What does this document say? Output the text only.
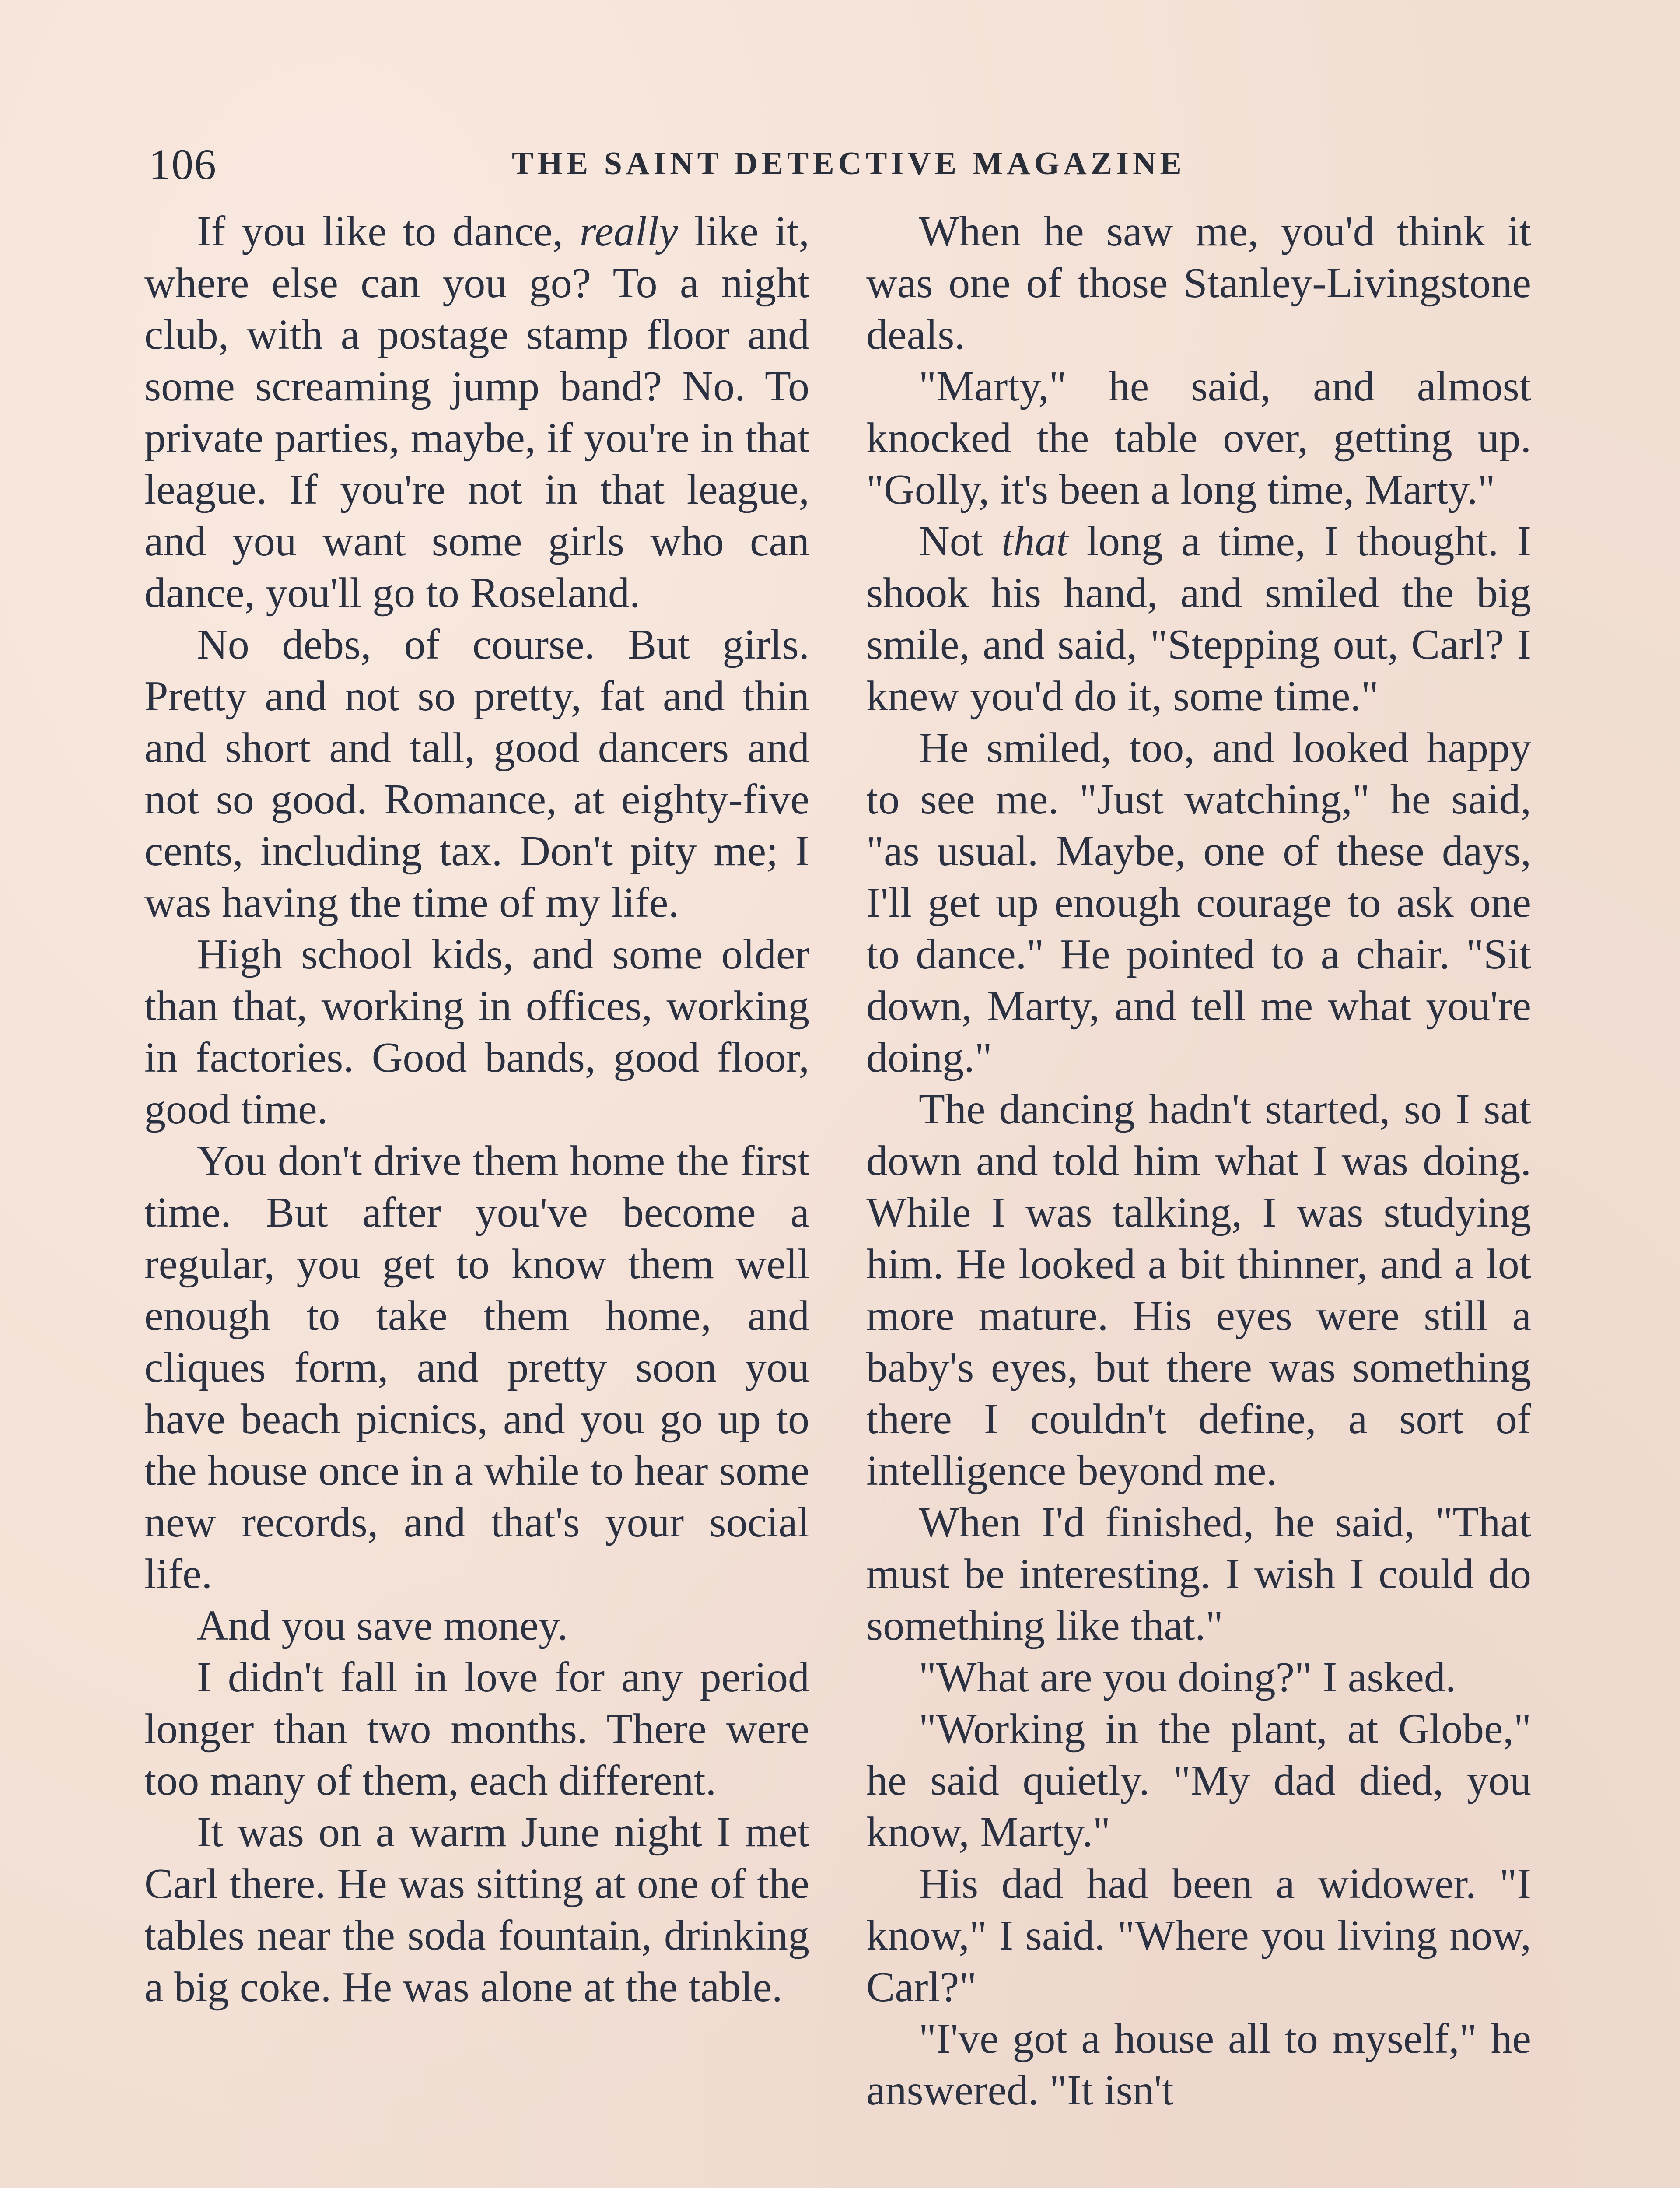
106	THE SAINT DETECTIVE MAGAZINE

If you like to dance, really like it, where else can you go? To a night club, with a postage stamp floor and some screaming jump band? No. To private parties, maybe, if you're in that league. If you're not in that league, and you want some girls who can dance, you'll go to Roseland.

No debs, of course. But girls. Pretty and not so pretty, fat and thin and short and tall, good dancers and not so good. Romance, at eighty-five cents, including tax. Don't pity me; I was having the time of my life.

High school kids, and some older than that, working in offices, working in factories. Good bands, good floor, good time.

You don't drive them home the first time. But after you've become a regular, you get to know them well enough to take them home, and cliques form, and pretty soon you have beach picnics, and you go up to the house once in a while to hear some new records, and that's your social life.

And you save money.

I didn't fall in love for any period longer than two months. There were too many of them, each different.

It was on a warm June night I met Carl there. He was sitting at one of the tables near the soda fountain, drinking a big coke. He was alone at the table.

When he saw me, you'd think it was one of those Stanley-Livingstone deals.

"Marty," he said, and almost knocked the table over, getting up. "Golly, it's been a long time, Marty."

Not that long a time, I thought. I shook his hand, and smiled the big smile, and said, "Stepping out, Carl? I knew you'd do it, some time."

He smiled, too, and looked happy to see me. "Just watching," he said, "as usual. Maybe, one of these days, I'll get up enough courage to ask one to dance." He pointed to a chair. "Sit down, Marty, and tell me what you're doing."

The dancing hadn't started, so I sat down and told him what I was doing. While I was talking, I was studying him. He looked a bit thinner, and a lot more mature. His eyes were still a baby's eyes, but there was something there I couldn't define, a sort of intelligence beyond me.

When I'd finished, he said, "That must be interesting. I wish I could do something like that."

"What are you doing?" I asked.

"Working in the plant, at Globe," he said quietly. "My dad died, you know, Marty."

His dad had been a widower. "I know," I said. "Where you living now, Carl?"

"I've got a house all to myself," he answered. "It isn't
